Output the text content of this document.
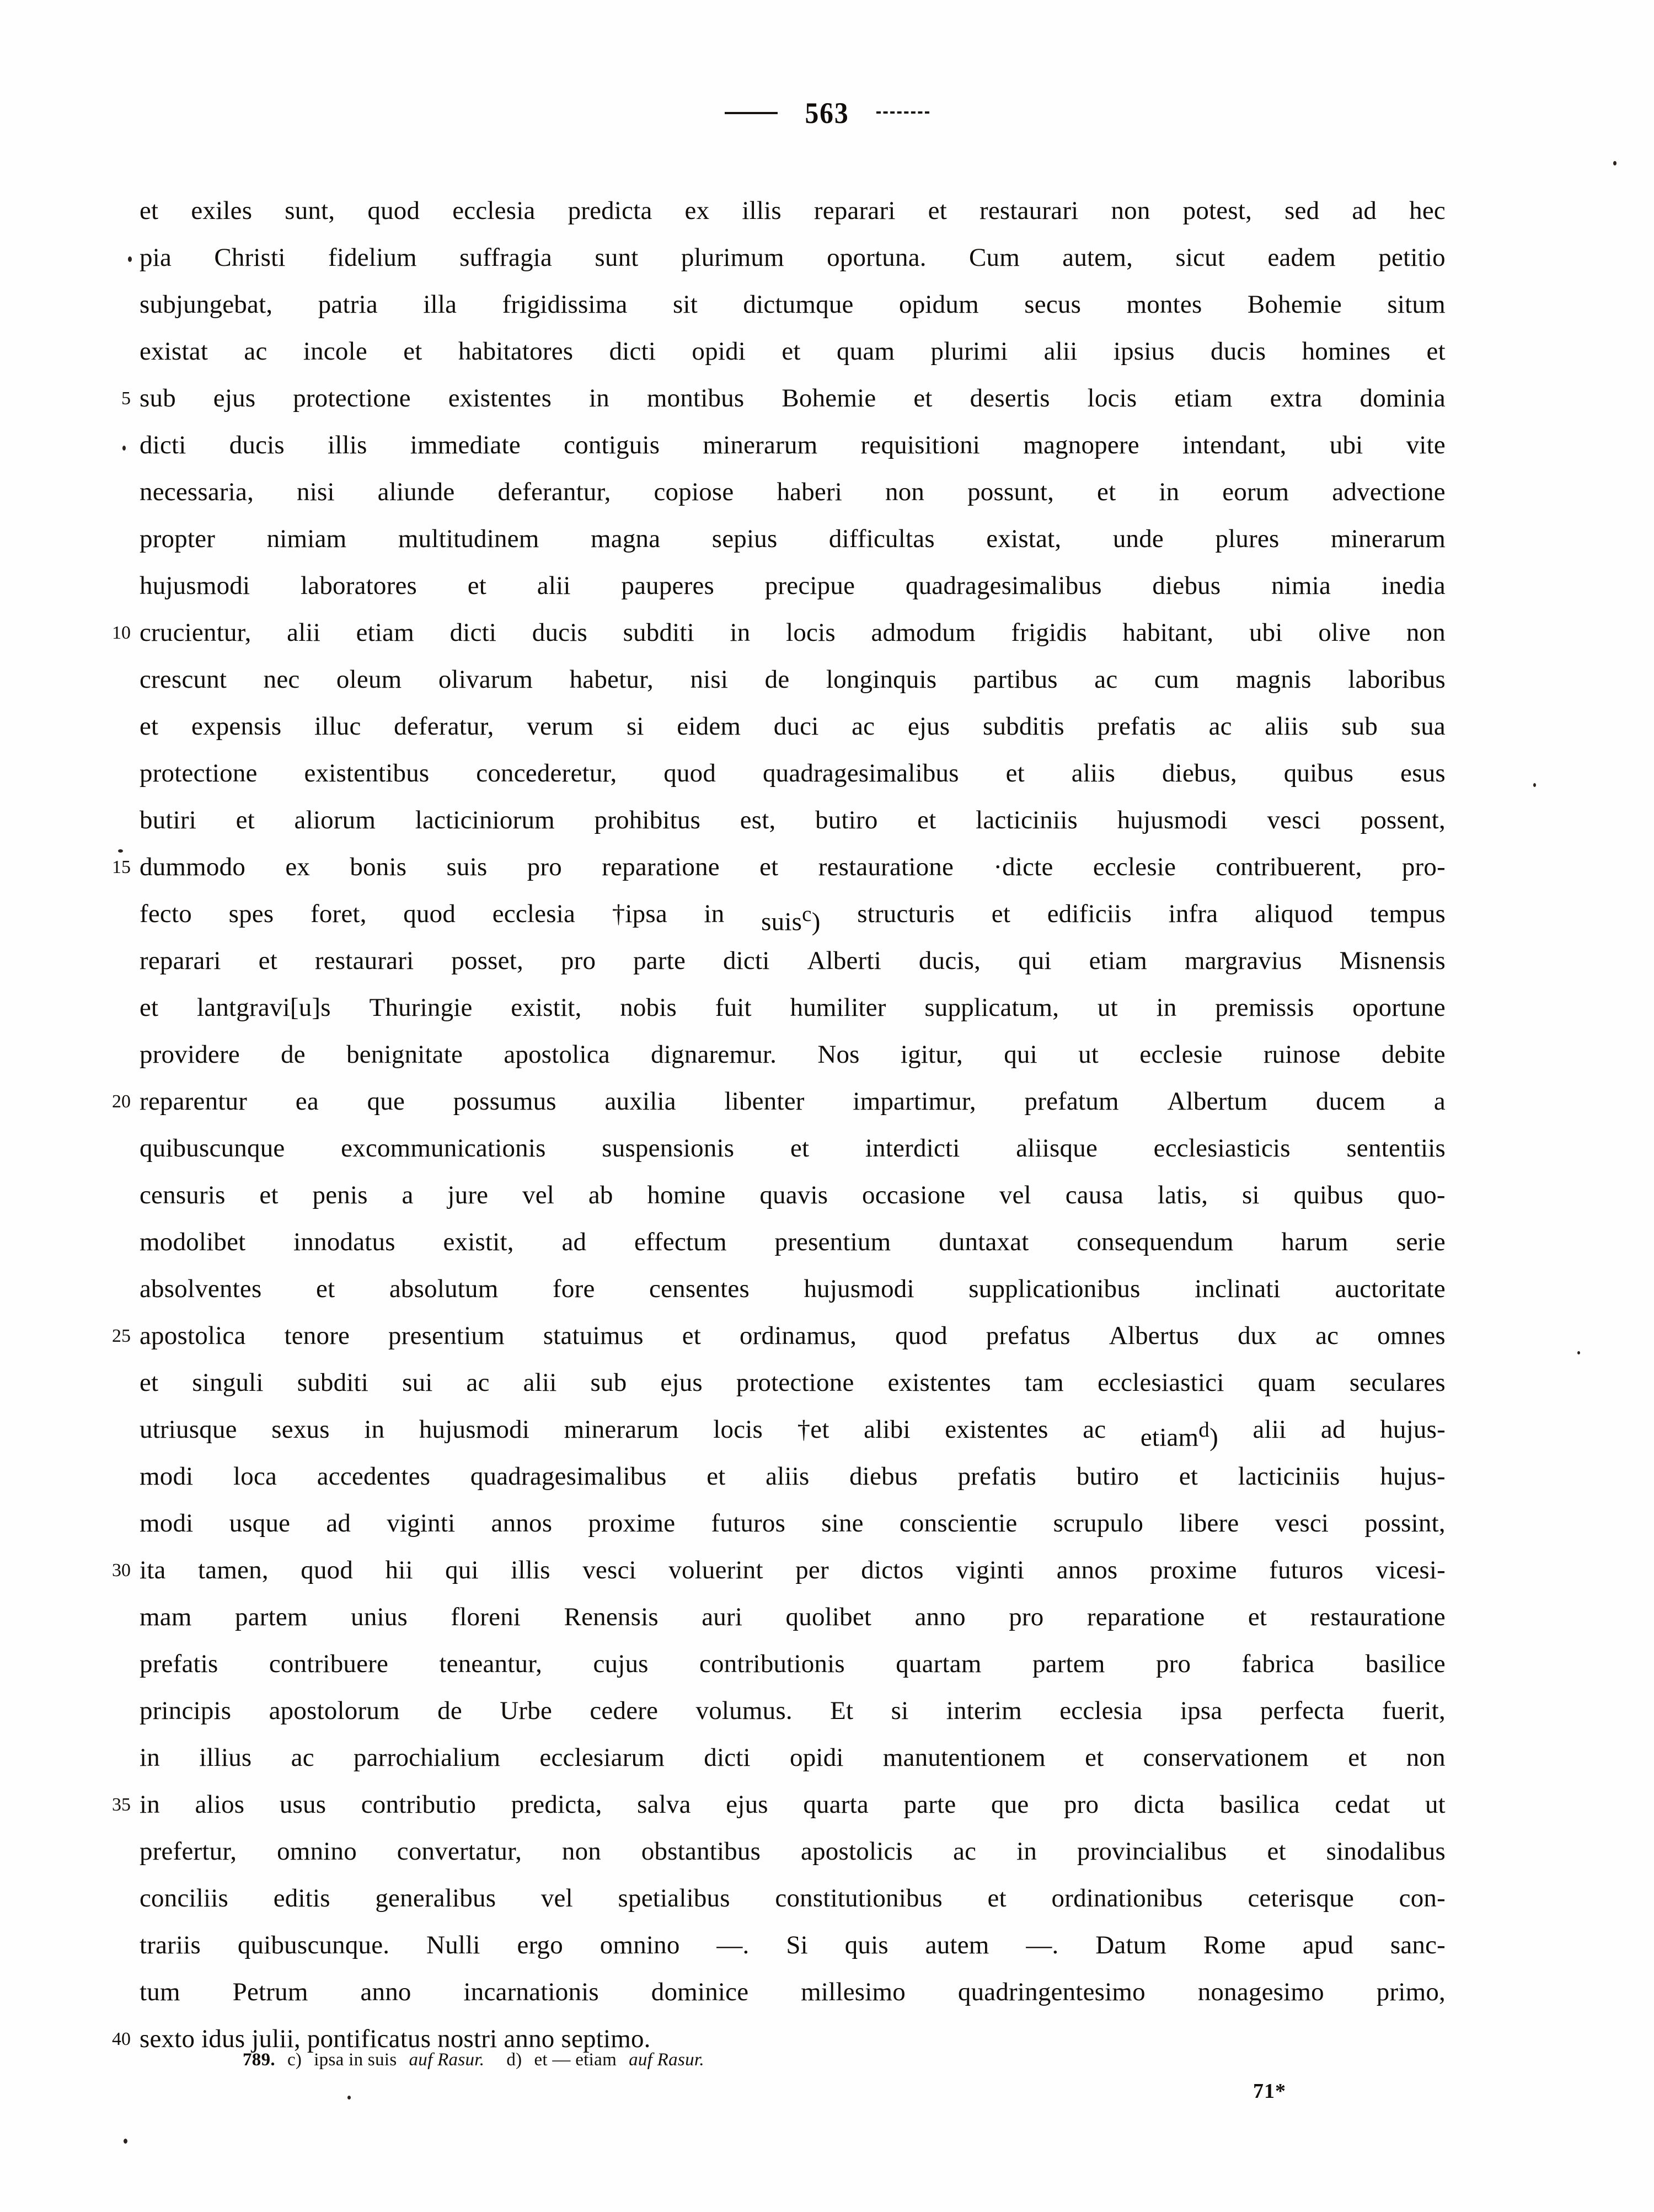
563
et exiles sunt, quod ecclesia predicta ex illis reparari et restaurari non potest, sed ad hec
pia Christi fidelium suffragia sunt plurimum oportuna. Cum autem, sicut eadem petitio
subjungebat, patria illa frigidissima sit dictumque opidum secus montes Bohemie situm
existat ac incole et habitatores dicti opidi et quam plurimi alii ipsius ducis homines et
5 sub ejus protectione existentes in montibus Bohemie et desertis locis etiam extra dominia
dicti ducis illis immediate contiguis minerarum requisitioni magnopere intendant, ubi vite
necessaria, nisi aliunde deferantur, copiose haberi non possunt, et in eorum advectione
propter nimiam multitudinem magna sepius difficultas existat, unde plures minerarum
hujusmodi laboratores et alii pauperes precipue quadragesimalibus diebus nimia inedia
10 crucientur, alii etiam dicti ducis subditi in locis admodum frigidis habitant, ubi olive non
crescunt nec oleum olivarum habetur, nisi de longinquis partibus ac cum magnis laboribus
et expensis illuc deferatur, verum si eidem duci ac ejus subditis prefatis ac aliis sub sua
protectione existentibus concederetur, quod quadragesimalibus et aliis diebus, quibus esus
butiri et aliorum lacticiniorum prohibitus est, butiro et lacticiniis hujusmodi vesci possent,
15 dummodo ex bonis suis pro reparatione et restauratione ·dicte ecclesie contribuerent, pro-
fecto spes foret, quod ecclesia †ipsa in suis$^c$) structuris et edificiis infra aliquod tempus
reparari et restaurari posset, pro parte dicti Alberti ducis, qui etiam margravius Misnensis
et lantgravi[u]s Thuringie existit, nobis fuit humiliter supplicatum, ut in premissis oportune
providere de benignitate apostolica dignaremur. Nos igitur, qui ut ecclesie ruinose debite
20 reparentur ea que possumus auxilia libenter impartimur, prefatum Albertum ducem a
quibuscunque excommunicationis suspensionis et interdicti aliisque ecclesiasticis sententiis
censuris et penis a jure vel ab homine quavis occasione vel causa latis, si quibus quo-
modolibet innodatus existit, ad effectum presentium duntaxat consequendum harum serie
absolventes et absolutum fore censentes hujusmodi supplicationibus inclinati auctoritate
25 apostolica tenore presentium statuimus et ordinamus, quod prefatus Albertus dux ac omnes
et singuli subditi sui ac alii sub ejus protectione existentes tam ecclesiastici quam seculares
utriusque sexus in hujusmodi minerarum locis †et alibi existentes ac etiam$^d$) alii ad hujus-
modi loca accedentes quadragesimalibus et aliis diebus prefatis butiro et lacticiniis hujus-
modi usque ad viginti annos proxime futuros sine conscientie scrupulo libere vesci possint,
30 ita tamen, quod hii qui illis vesci voluerint per dictos viginti annos proxime futuros vicesi-
mam partem unius floreni Renensis auri quolibet anno pro reparatione et restauratione
prefatis contribuere teneantur, cujus contributionis quartam partem pro fabrica basilice
principis apostolorum de Urbe cedere volumus. Et si interim ecclesia ipsa perfecta fuerit,
in illius ac parrochialium ecclesiarum dicti opidi manutentionem et conservationem et non
35 in alios usus contributio predicta, salva ejus quarta parte que pro dicta basilica cedat ut
prefertur, omnino convertatur, non obstantibus apostolicis ac in provincialibus et sinodalibus
conciliis editis generalibus vel spetialibus constitutionibus et ordinationibus ceterisque con-
trariis quibuscunque. Nulli ergo omnino —. Si quis autem —. Datum Rome apud sanc-
tum Petrum anno incarnationis dominice millesimo quadringentesimo nonagesimo primo,
40 sexto idus julii, pontificatus nostri anno septimo.
789. c) ipsa in suis auf Rasur. d) et — etiam auf Rasur.
71*
